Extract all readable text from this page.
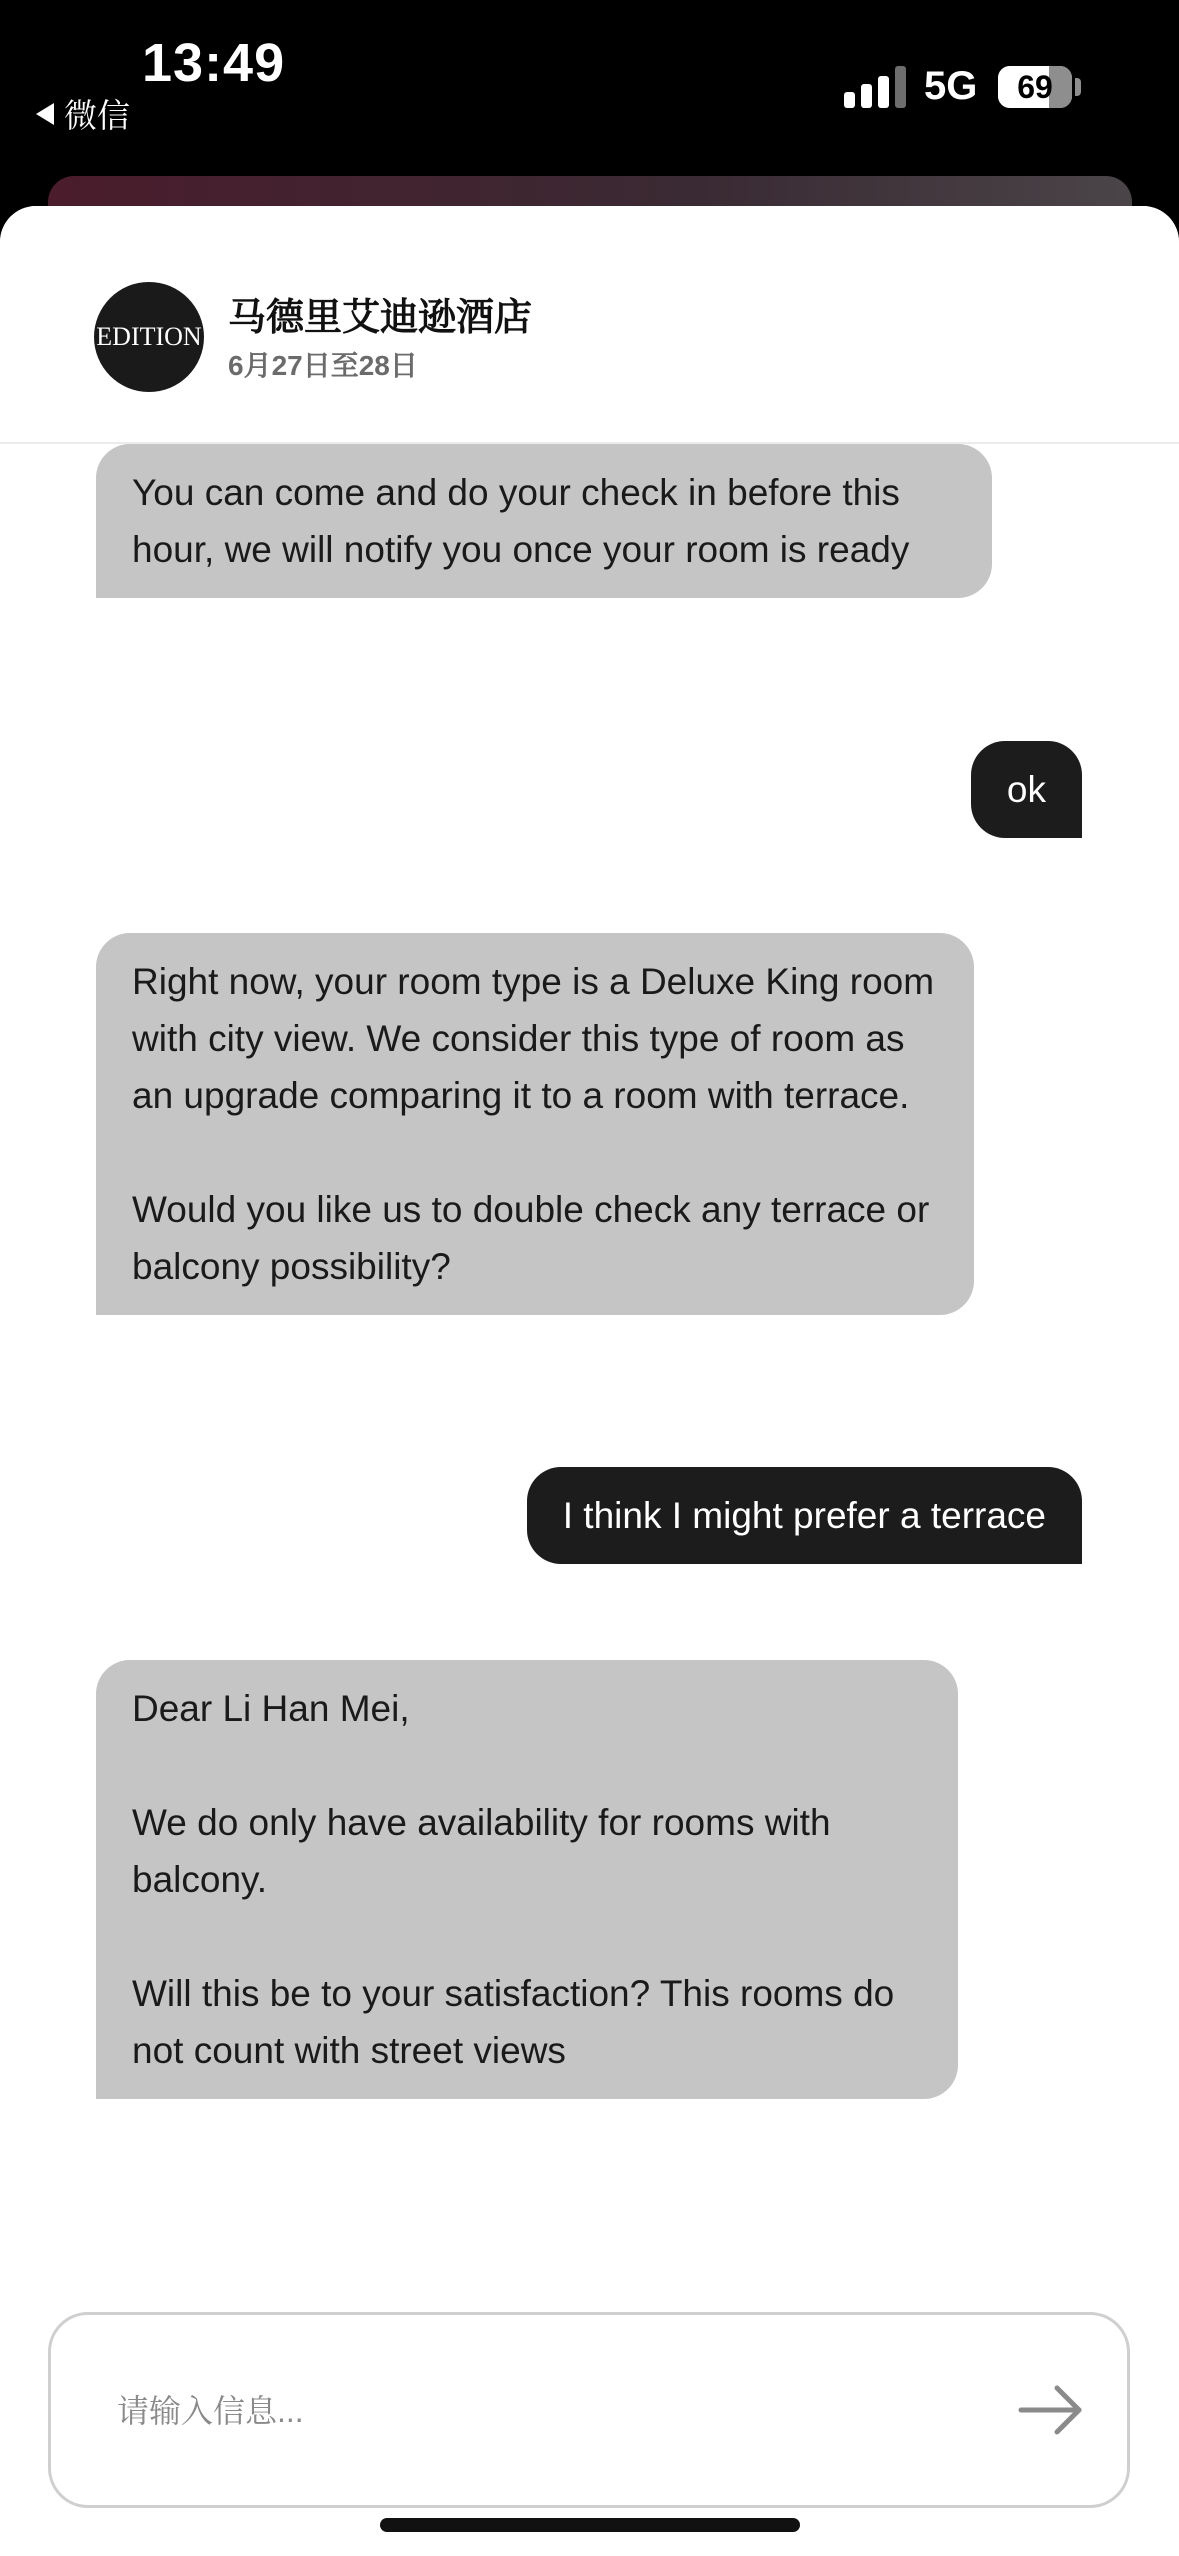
13:49
微信
5G	69
EDITION 马德里艾迪逊酒店
6月27日至28日

You can come and do your check in before this hour, we will notify you once your room is ready

ok

Right now, your room type is a Deluxe King room with city view. We consider this type of room as an upgrade comparing it to a room with terrace.

Would you like us to double check any terrace or balcony possibility?

I think I might prefer a terrace

Dear Li Han Mei,

We do only have availability for rooms with balcony.

Will this be to your satisfaction? This rooms do not count with street views

请输入信息...
